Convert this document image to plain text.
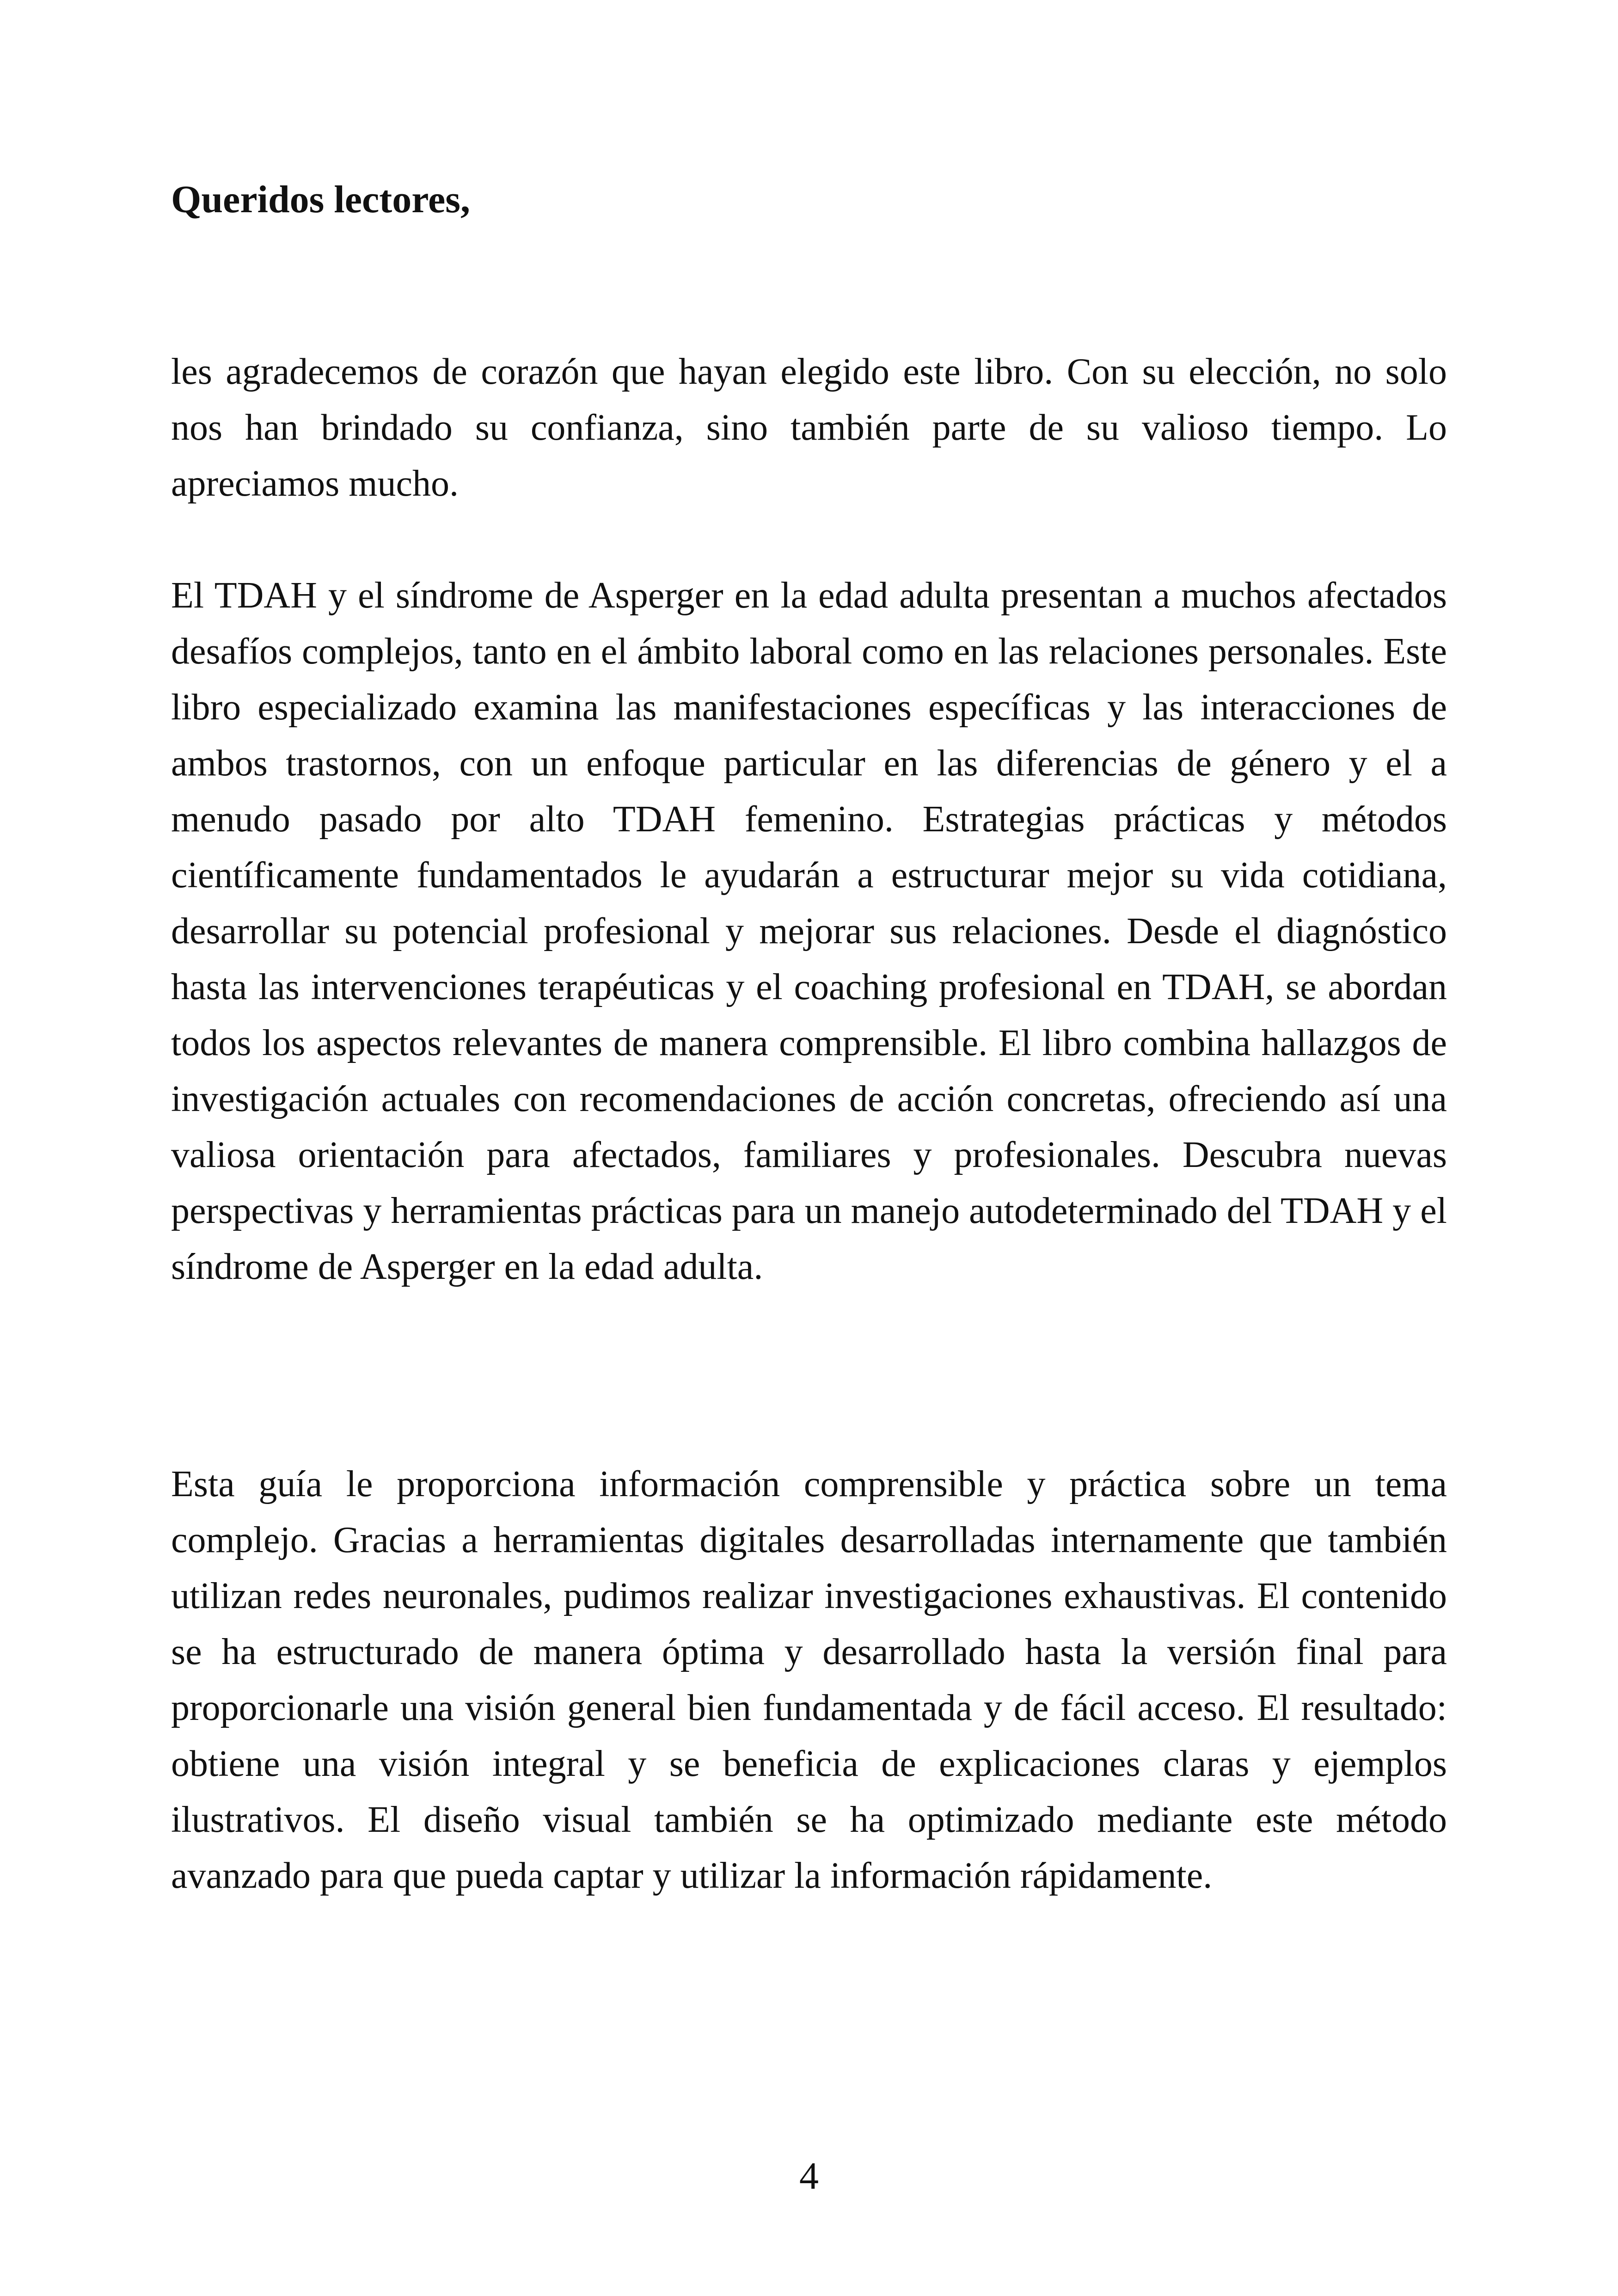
Queridos lectores,

les agradecemos de corazón que hayan elegido este libro. Con su elección, no solo nos han brindado su confianza, sino también parte de su valioso tiempo. Lo apreciamos mucho.

El TDAH y el síndrome de Asperger en la edad adulta presentan a muchos afectados desafíos complejos, tanto en el ámbito laboral como en las relaciones personales. Este libro especializado examina las manifestaciones específicas y las interacciones de ambos trastornos, con un enfoque particular en las diferencias de género y el a menudo pasado por alto TDAH femenino. Estrategias prácticas y métodos científicamente fundamentados le ayudarán a estructurar mejor su vida cotidiana, desarrollar su potencial profesional y mejorar sus relaciones. Desde el diagnóstico hasta las intervenciones terapéuticas y el coaching profesional en TDAH, se abordan todos los aspectos relevantes de manera comprensible. El libro combina hallazgos de investigación actuales con recomendaciones de acción concretas, ofreciendo así una valiosa orientación para afectados, familiares y profesionales. Descubra nuevas perspectivas y herramientas prácticas para un manejo autodeterminado del TDAH y el síndrome de Asperger en la edad adulta.

Esta guía le proporciona información comprensible y práctica sobre un tema complejo. Gracias a herramientas digitales desarrolladas internamente que también utilizan redes neuronales, pudimos realizar investigaciones exhaustivas. El contenido se ha estructurado de manera óptima y desarrollado hasta la versión final para proporcionarle una visión general bien fundamentada y de fácil acceso. El resultado: obtiene una visión integral y se beneficia de explicaciones claras y ejemplos ilustrativos. El diseño visual también se ha optimizado mediante este método avanzado para que pueda captar y utilizar la información rápidamente.

4
